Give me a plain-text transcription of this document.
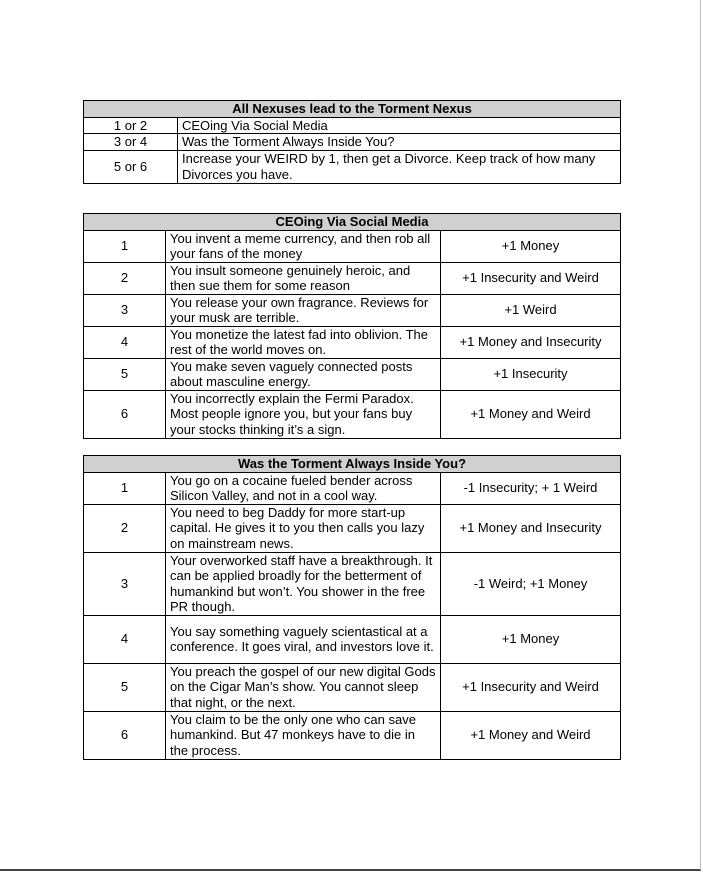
All Nexuses lead to the Torment Nexus	
1 or 2	CEOing Via Social Media
3 or 4	Was the Torment Always Inside You?
5 or 6	Increase your WEIRD by 1, then get a Divorce. Keep track of how many Divorces you have.
CEOing Via Social Media		
1	You invent a meme currency, and then rob all your fans of the money	+1 Money
2	You insult someone genuinely heroic, and then sue them for some reason	+1 Insecurity and Weird
3	You release your own fragrance. Reviews for your musk are terrible.	+1 Weird
4	You monetize the latest fad into oblivion. The rest of the world moves on.	+1 Money and Insecurity
5	You make seven vaguely connected posts about masculine energy.	+1 Insecurity
6	You incorrectly explain the Fermi Paradox. Most people ignore you, but your fans buy your stocks thinking it’s a sign.	+1 Money and Weird
Was the Torment Always Inside You?		
1	You go on a cocaine fueled bender across Silicon Valley, and not in a cool way.	-1 Insecurity; + 1 Weird
2	You need to beg Daddy for more start-up capital. He gives it to you then calls you lazy on mainstream news.	+1 Money and Insecurity
3	Your overworked staff have a breakthrough. It can be applied broadly for the betterment of humankind but won’t. You shower in the free PR though.	-1 Weird; +1 Money
4	You say something vaguely scientastical at a conference. It goes viral, and investors love it.	+1 Money
5	You preach the gospel of our new digital Gods on the Cigar Man’s show. You cannot sleep that night, or the next.	+1 Insecurity and Weird
6	You claim to be the only one who can save humankind. But 47 monkeys have to die in the process.	+1 Money and Weird
